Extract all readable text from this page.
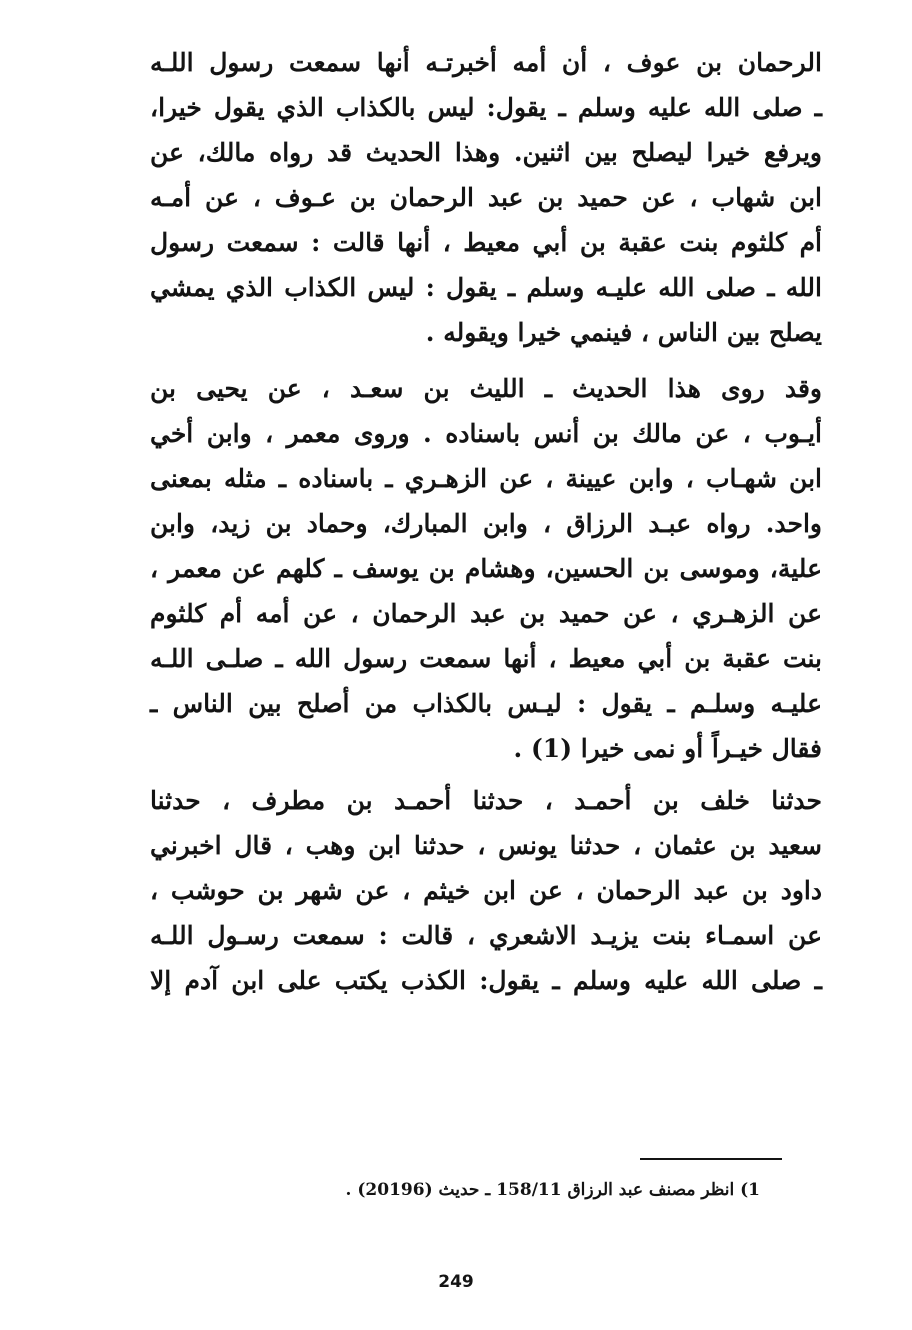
الرحمان بن عوف ، أن أمه أخبرتـه أنها سمعت رسول اللـه
ـ صلى الله عليه وسلم ـ يقول: ليس بالكذاب الذي يقول خيرا،
ويرفع خيرا ليصلح بين اثنين. وهذا الحديث قد رواه مالك، عن
ابن شهاب ، عن حميد بن عبد الرحمان بن عـوف ، عن أمـه
أم كلثوم بنت عقبة بن أبي معيط ، أنها قالت : سمعت رسول
الله ـ صلى الله عليـه وسلم ـ يقول : ليس الكذاب الذي يمشي
يصلح بين الناس ، فينمي خيرا ويقوله .
وقد روى هذا الحديث ـ الليث بن سعـد ، عن يحيى بن
أيـوب ، عن مالك بن أنس باسناده . وروى معمر ، وابن أخي
ابن شهـاب ، وابن عيينة ، عن الزهـري ـ باسناده ـ مثله بمعنى
واحد. رواه عبـد الرزاق ، وابن المبارك، وحماد بن زيد، وابن
علية، وموسى بن الحسين، وهشام بن يوسف ـ كلهم عن معمر ،
عن الزهـري ، عن حميد بن عبد الرحمان ، عن أمه أم كلثوم
بنت عقبة بن أبي معيط ، أنها سمعت رسول الله ـ صلـى اللـه
عليـه وسلـم ـ يقول : ليـس بالكذاب من أصلح بين الناس ـ
فقال خيـراً أو نمى خيرا (1) .
حدثنا خلف بن أحمـد ، حدثنا أحمـد بن مطرف ، حدثنا
سعيد بن عثمان ، حدثنا يونس ، حدثنا ابن وهب ، قال اخبرني
داود بن عبد الرحمان ، عن ابن خيثم ، عن شهر بن حوشب ،
عن اسمـاء بنت يزيـد الاشعري ، قالت : سمعت رسـول اللـه
ـ صلى الله عليه وسلم ـ يقول: الكذب يكتب على ابن آدم إلا
1) انظر مصنف عبد الرزاق 158/11 ـ حديث (20196) .
249
